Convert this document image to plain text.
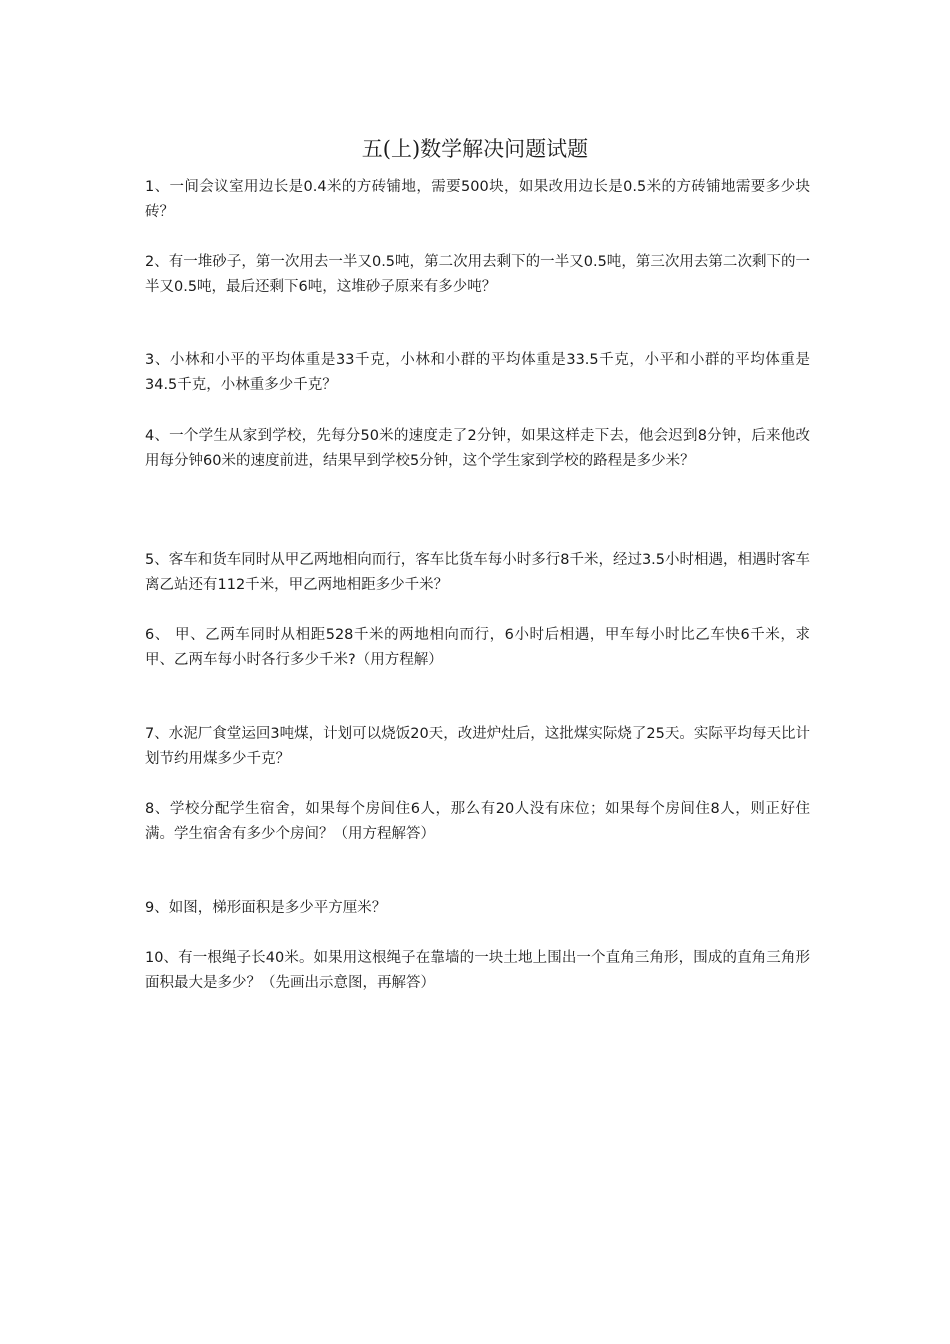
五(上)数学解决问题试题

1、一间会议室用边长是0.4米的方砖铺地，需要500块，如果改用边长是0.5米的方砖铺地需要多少块砖？

2、有一堆砂子，第一次用去一半又0.5吨，第二次用去剩下的一半又0.5吨，第三次用去第二次剩下的一半又0.5吨，最后还剩下6吨，这堆砂子原来有多少吨？

3、小林和小平的平均体重是33千克，小林和小群的平均体重是33.5千克，小平和小群的平均体重是34.5千克，小林重多少千克？

4、一个学生从家到学校，先每分50米的速度走了2分钟，如果这样走下去，他会迟到8分钟，后来他改用每分钟60米的速度前进，结果早到学校5分钟，这个学生家到学校的路程是多少米？

5、客车和货车同时从甲乙两地相向而行，客车比货车每小时多行8千米，经过3.5小时相遇，相遇时客车离乙站还有112千米，甲乙两地相距多少千米？

6、 甲、乙两车同时从相距528千米的两地相向而行，6小时后相遇，甲车每小时比乙车快6千米，求甲、乙两车每小时各行多少千米?（用方程解）

7、水泥厂食堂运回3吨煤，计划可以烧饭20天，改进炉灶后，这批煤实际烧了25天。实际平均每天比计划节约用煤多少千克？

8、学校分配学生宿舍，如果每个房间住6人，那么有20人没有床位；如果每个房间住8人，则正好住满。学生宿舍有多少个房间？（用方程解答）

9、如图，梯形面积是多少平方厘米？

10、有一根绳子长40米。如果用这根绳子在靠墙的一块土地上围出一个直角三角形，围成的直角三角形面积最大是多少？（先画出示意图，再解答）
